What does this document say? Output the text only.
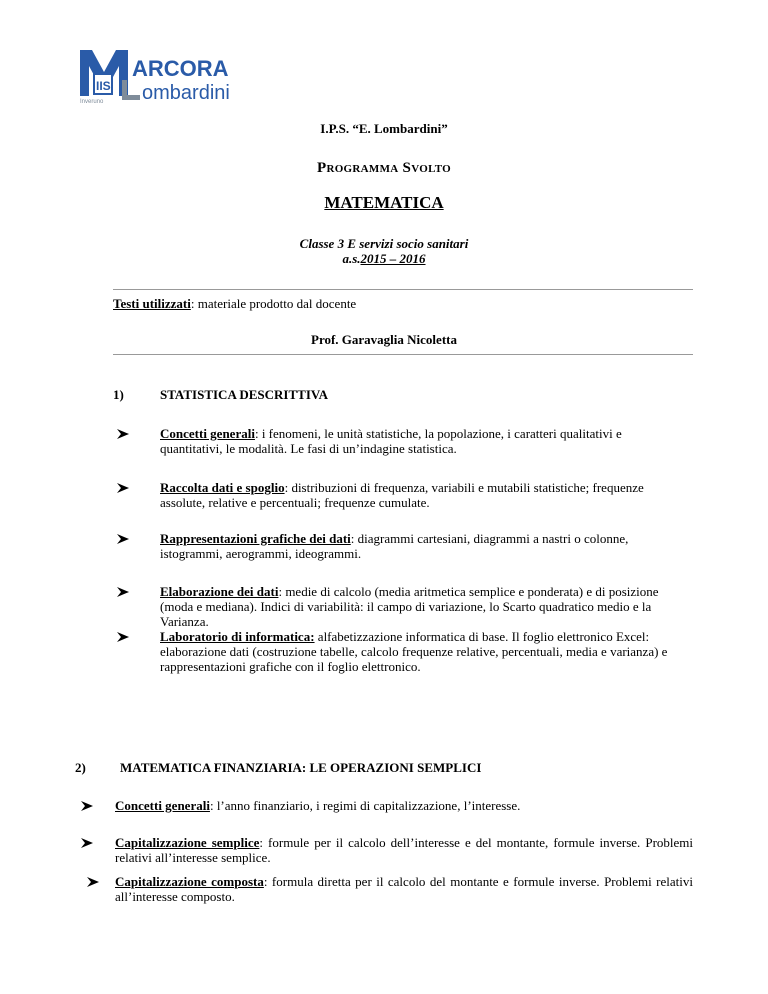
IIS
ARCORA
ombardini
Inveruno
I.P.S. “E. Lombardini”
Programma Svolto
MATEMATICA
Classe 3 E servizi socio sanitari
a.s.2015 – 2016
Testi utilizzati: materiale prodotto dal docente
Prof. Garavaglia Nicoletta
1)	STATISTICA DESCRITTIVA
Concetti generali: i fenomeni, le unità statistiche, la popolazione, i caratteri qualitativi e quantitativi, le modalità. Le fasi di un’indagine statistica.
Raccolta dati e spoglio: distribuzioni di frequenza, variabili e mutabili statistiche; frequenze assolute, relative e percentuali; frequenze cumulate.
Rappresentazioni grafiche dei dati: diagrammi cartesiani, diagrammi a nastri o colonne, istogrammi, aerogrammi, ideogrammi.
Elaborazione dei dati: medie di calcolo (media aritmetica semplice e ponderata) e di posizione (moda e mediana). Indici di variabilità: il campo di variazione, lo Scarto quadratico medio e la Varianza.
Laboratorio di informatica: alfabetizzazione informatica di base. Il foglio elettronico Excel: elaborazione dati (costruzione tabelle, calcolo frequenze relative, percentuali, media e varianza) e rappresentazioni grafiche con il foglio elettronico.
2)	MATEMATICA FINANZIARIA: LE OPERAZIONI SEMPLICI
Concetti generali: l’anno finanziario, i regimi di capitalizzazione, l’interesse.
Capitalizzazione semplice: formule per il calcolo dell’interesse e del montante, formule inverse. Problemi relativi all’interesse semplice.
Capitalizzazione composta: formula diretta per il calcolo del montante e formule inverse. Problemi relativi all’interesse composto.
